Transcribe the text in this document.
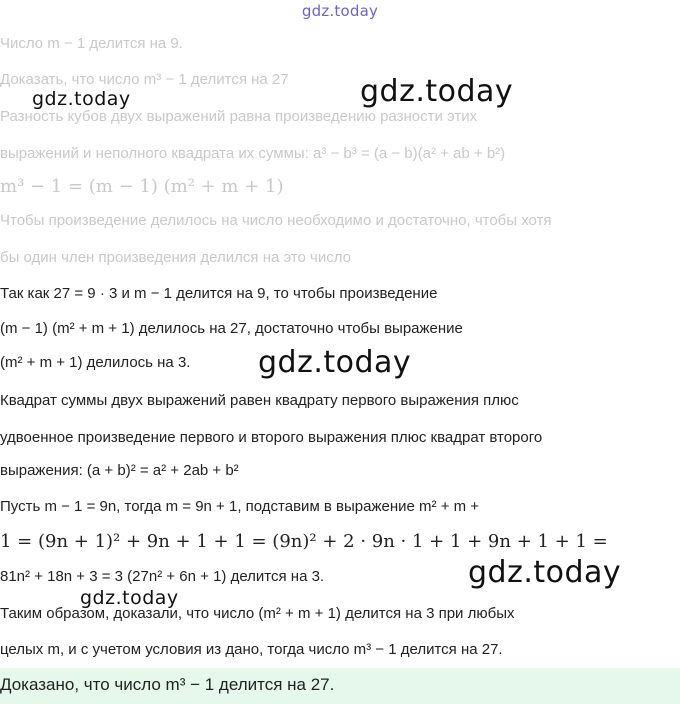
gdz.today
Число m − 1 делится на 9.
Доказать, что число m³ − 1 делится на 27	gdz.today
gdz.today
Разность кубов двух выражений равна произведению разности этих
выражений и неполного квадрата их суммы: a³ − b³ = (a − b)(a² + ab + b²)
m³ − 1 = (m − 1) (m² + m + 1)
Чтобы произведение делилось на число необходимо и достаточно, чтобы хотя
бы один член произведения делился на это число
Так как 27 = 9 · 3 и m − 1 делится на 9, то чтобы произведение
(m − 1) (m² + m + 1) делилось на 27, достаточно чтобы выражение
(m² + m + 1) делилось на 3.	gdz.today
Квадрат суммы двух выражений равен квадрату первого выражения плюс
удвоенное произведение первого и второго выражения плюс квадрат второго
выражения: (a + b)² = a² + 2ab + b²
Пусть m − 1 = 9n, тогда m = 9n + 1, подставим в выражение m² + m +
1 = (9n + 1)² + 9n + 1 + 1 = (9n)² + 2 · 9n · 1 + 1 + 9n + 1 + 1 =
81n² + 18n + 3 = 3 (27n² + 6n + 1) делится на 3.	gdz.today
gdz.today
Таким образом, доказали, что число (m² + m + 1) делится на 3 при любых
целых m, и с учетом условия из дано, тогда число m³ − 1 делится на 27.
Доказано, что число m³ − 1 делится на 27.
